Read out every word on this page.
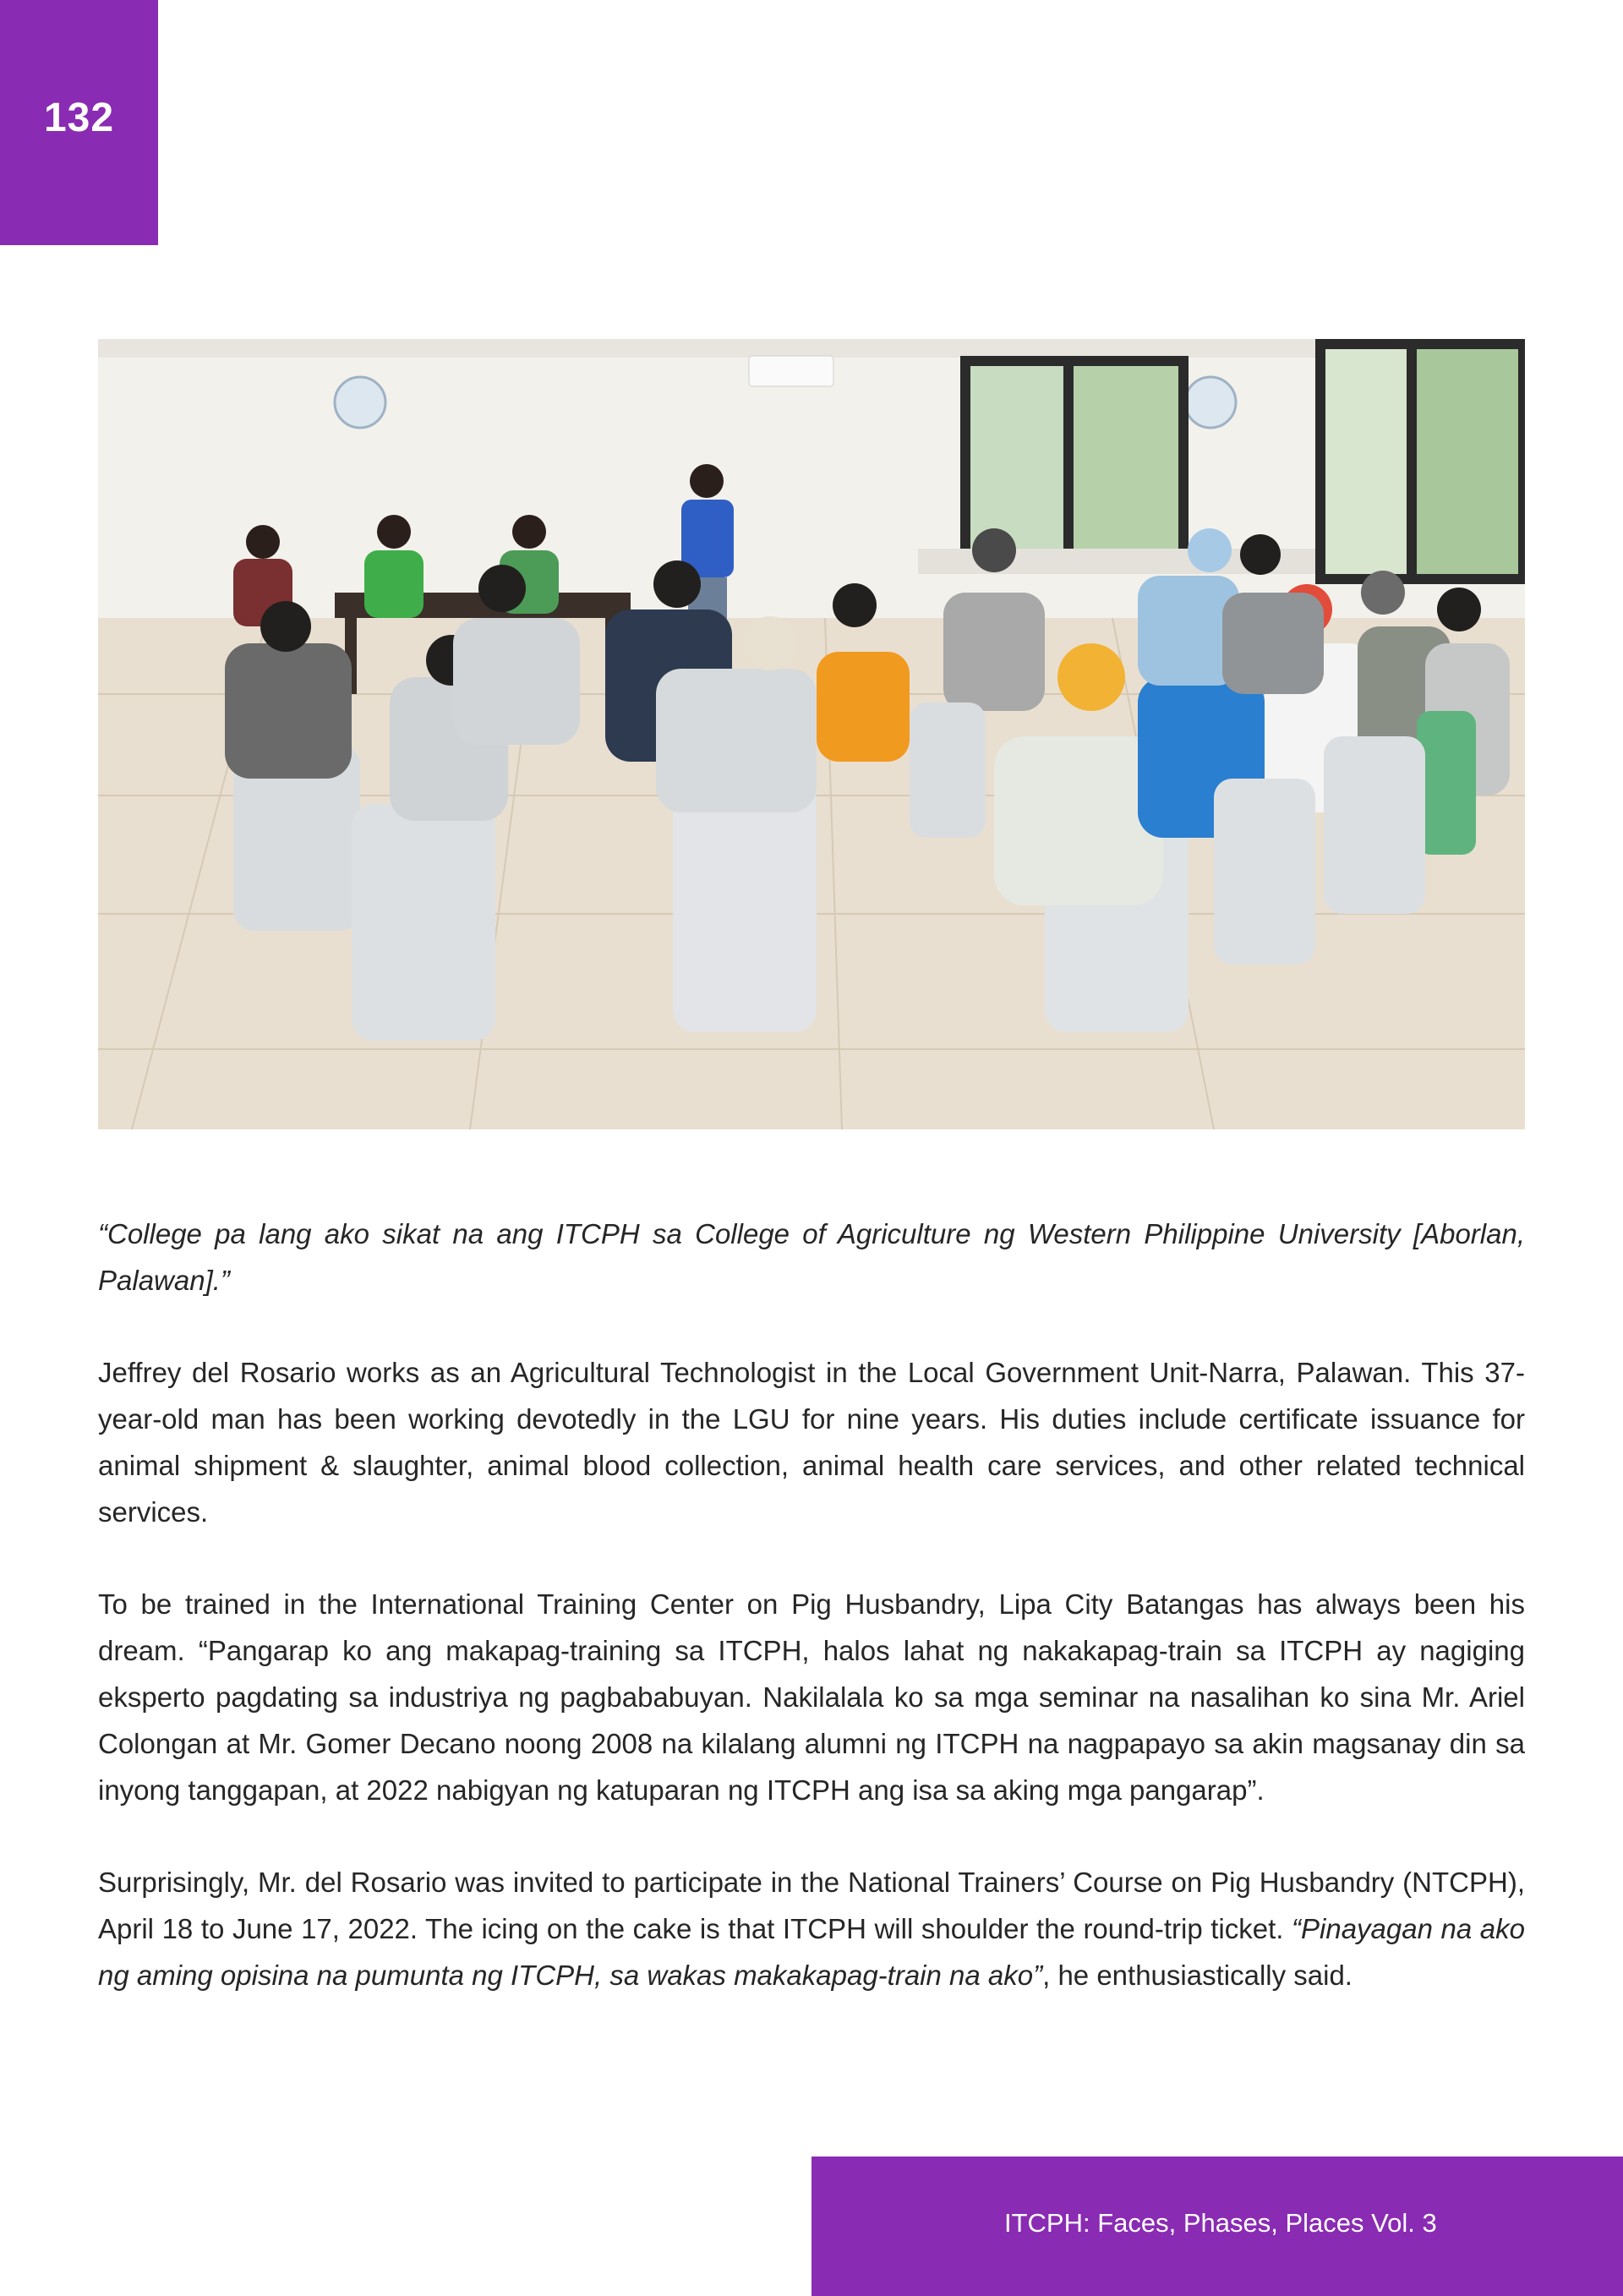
132

“College pa lang ako sikat na ang ITCPH sa College of Agriculture ng Western Philippine University [Aborlan, Palawan].”

Jeffrey del Rosario works as an Agricultural Technologist in the Local Government Unit-Narra, Palawan. This 37-year-old man has been working devotedly in the LGU for nine years. His duties include certificate issuance for animal shipment & slaughter, animal blood collection, animal health care services, and other related technical services.

To be trained in the International Training Center on Pig Husbandry, Lipa City Batangas has always been his dream. “Pangarap ko ang makapag-training sa ITCPH, halos lahat ng nakakapag-train sa ITCPH ay nagiging eksperto pagdating sa industriya ng pagbababuyan. Nakilalala ko sa mga seminar na nasalihan ko sina Mr. Ariel Colongan at Mr. Gomer Decano noong 2008 na kilalang alumni ng ITCPH na nagpapayo sa akin magsanay din sa inyong tanggapan, at 2022 nabigyan ng katuparan ng ITCPH ang isa sa aking mga pangarap”.

Surprisingly, Mr. del Rosario was invited to participate in the National Trainers’ Course on Pig Husbandry (NTCPH), April 18 to June 17, 2022. The icing on the cake is that ITCPH will shoulder the round-trip ticket. “Pinayagan na ako ng aming opisina na pumunta ng ITCPH, sa wakas makakapag-train na ako”, he enthusiastically said.

ITCPH: Faces, Phases, Places Vol. 3
